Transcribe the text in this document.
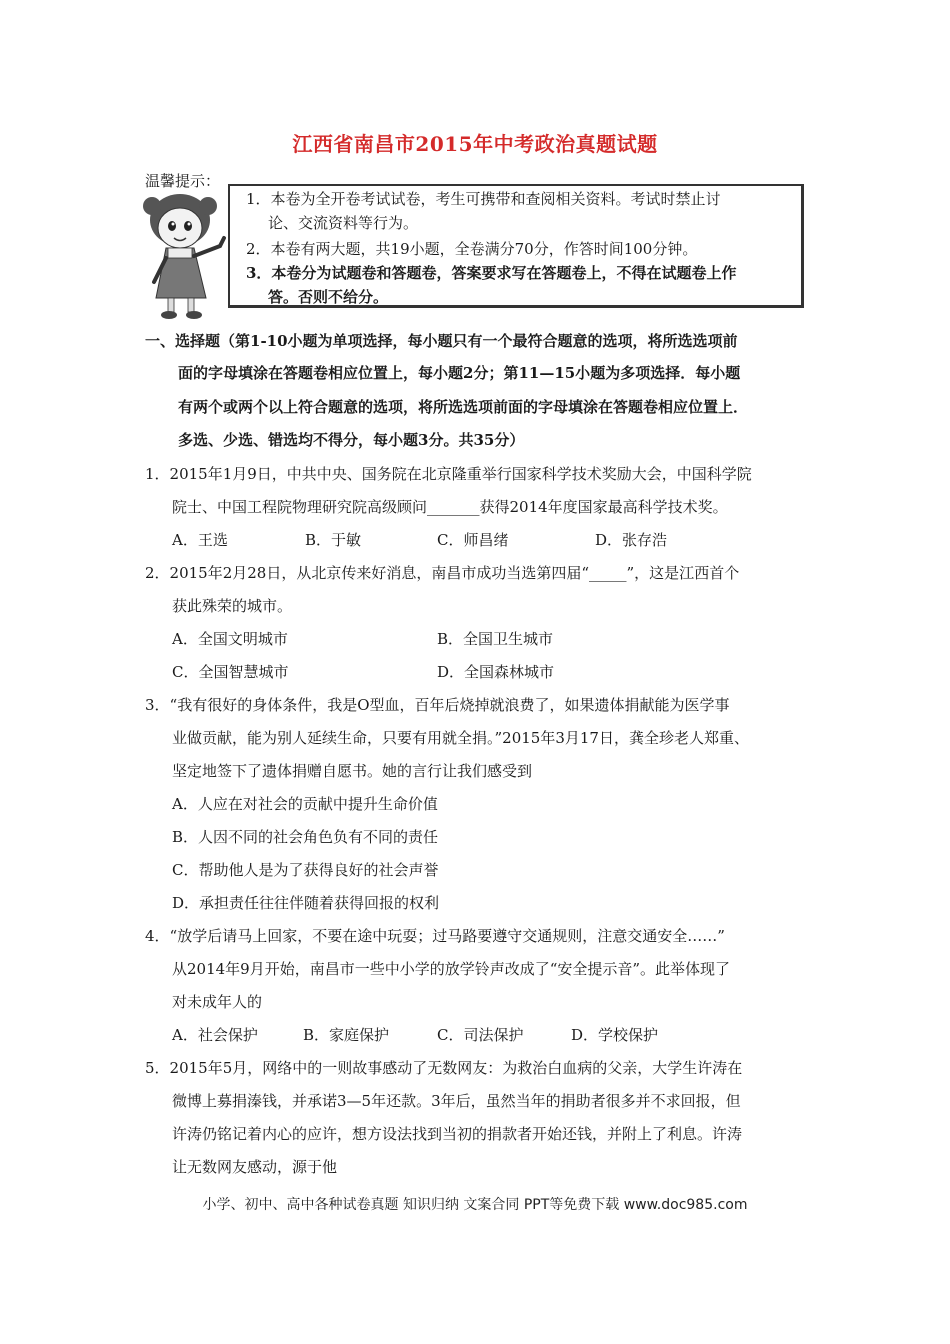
江西省南昌市2015年中考政治真题试题
温馨提示：
1．本卷为全开卷考试试卷，考生可携带和查阅相关资料。考试时禁止讨
论、交流资料等行为。
2．本卷有两大题，共19小题，全卷满分70分，作答时间100分钟。
3．本卷分为试题卷和答题卷，答案要求写在答题卷上，不得在试题卷上作
答。否则不给分。
一、选择题（第1-10小题为单项选择，每小题只有一个最符合题意的选项，将所选选项前
面的字母填涂在答题卷相应位置上，每小题2分；第11—15小题为多项选择．每小题
有两个或两个以上符合题意的选项，将所选选项前面的字母填涂在答题卷相应位置上．
多选、少选、错选均不得分，每小题3分。共35分）
1．2015年1月9日，中共中央、国务院在北京隆重举行国家科学技术奖励大会，中国科学院
院士、中国工程院物理研究院高级顾问_______获得2014年度国家最高科学技术奖。
A．王选	B．于敏	C．师昌绪	D．张存浩
2．2015年2月28日，从北京传来好消息，南昌市成功当选第四届“_____”，这是江西首个
获此殊荣的城市。
A．全国文明城市	B．全国卫生城市
C．全国智慧城市	D．全国森林城市
3．“我有很好的身体条件，我是O型血，百年后烧掉就浪费了，如果遗体捐献能为医学事
业做贡献，能为别人延续生命，只要有用就全捐。”2015年3月17日，龚全珍老人郑重、
坚定地签下了遗体捐赠自愿书。她的言行让我们感受到
A．人应在对社会的贡献中提升生命价值
B．人因不同的社会角色负有不同的责任
C．帮助他人是为了获得良好的社会声誉
D．承担责任往往伴随着获得回报的权利
4．“放学后请马上回家，不要在途中玩耍；过马路要遵守交通规则，注意交通安全……”
从2014年9月开始，南昌市一些中小学的放学铃声改成了“安全提示音”。此举体现了
对未成年人的
A．社会保护	B．家庭保护	C．司法保护	D．学校保护
5．2015年5月，网络中的一则故事感动了无数网友：为救治白血病的父亲，大学生许涛在
微博上募捐溱钱，并承诺3—5年还款。3年后，虽然当年的捐助者很多并不求回报，但
许涛仍铭记着内心的应许，想方设法找到当初的捐款者开始还钱，并附上了利息。许涛
让无数网友感动，源于他
小学、初中、高中各种试卷真题 知识归纳 文案合同 PPT等免费下载 www.doc985.com
